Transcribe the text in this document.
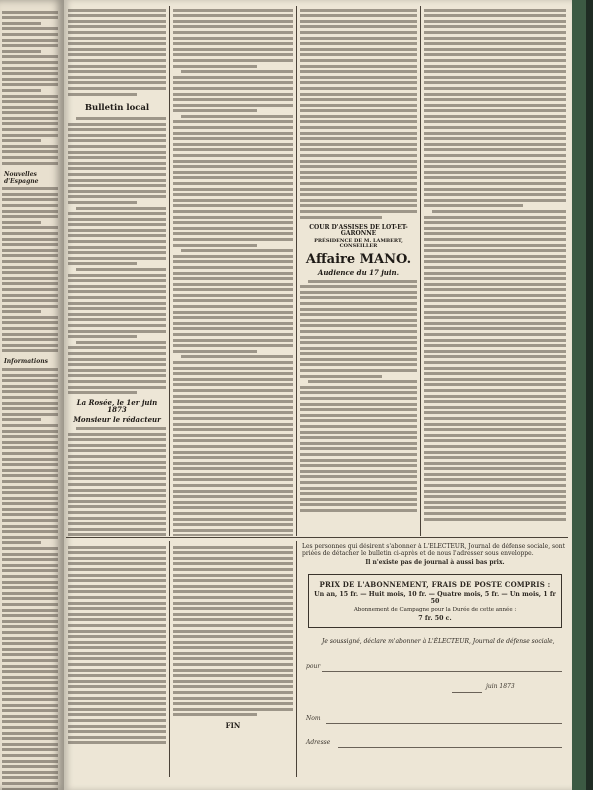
Nouvelles d'Espagne
Informations
Bulletin local
La Rosée, le 1er juin 1873
Monsieur le rédacteur
COUR D'ASSISES DE LOT-ET-GARONNE
PRÉSIDENCE DE M. LAMBERT, CONSEILLER
Affaire MANO.
Audience du 17 juin.
FIN
Les personnes qui désirent s'abonner à L'ÉLECTEUR, Journal de défense sociale, sont priées de détacher le bulletin ci-après et de nous l'adresser sous enveloppe.
Il n'existe pas de journal à aussi bas prix.
PRIX DE L'ABONNEMENT, FRAIS DE POSTE COMPRIS :
Un an, 15 fr. — Huit mois, 10 fr. — Quatre mois, 5 fr. — Un mois, 1 fr 50
Abonnement de Campagne pour la Durée de cette année :
7 fr. 50 c.
Je soussigné, déclare m'abonner à L'ÉLECTEUR, Journal de défense sociale,
pour
juin 1873
Nom
Adresse
